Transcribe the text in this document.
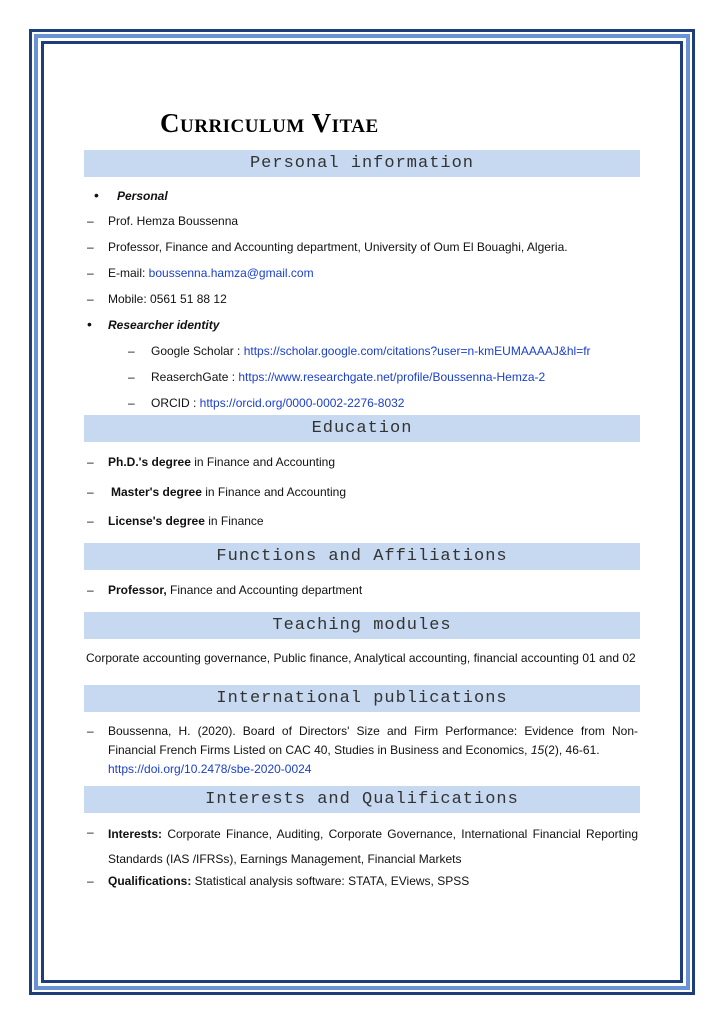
Curriculum Vitae
Personal information
• Personal
– Prof. Hemza Boussenna
– Professor, Finance and Accounting department, University of Oum El Bouaghi, Algeria.
– E-mail: boussenna.hamza@gmail.com
– Mobile: 0561 51 88 12
• Researcher identity
– Google Scholar : https://scholar.google.com/citations?user=n-kmEUMAAAAJ&hl=fr
– ReaserchGate : https://www.researchgate.net/profile/Boussenna-Hemza-2
– ORCID : https://orcid.org/0000-0002-2276-8032
Education
– Ph.D.'s degree in Finance and Accounting
– Master's degree in Finance and Accounting
– License's degree in Finance
Functions and Affiliations
– Professor, Finance and Accounting department
Teaching modules
Corporate accounting governance, Public finance, Analytical accounting, financial accounting 01 and 02
International publications
– Boussenna, H. (2020). Board of Directors' Size and Firm Performance: Evidence from Non-Financial French Firms Listed on CAC 40, Studies in Business and Economics, 15(2), 46-61.
https://doi.org/10.2478/sbe-2020-0024
Interests and Qualifications
– Interests: Corporate Finance, Auditing, Corporate Governance, International Financial Reporting Standards (IAS /IFRSs), Earnings Management, Financial Markets
– Qualifications: Statistical analysis software: STATA, EViews, SPSS
